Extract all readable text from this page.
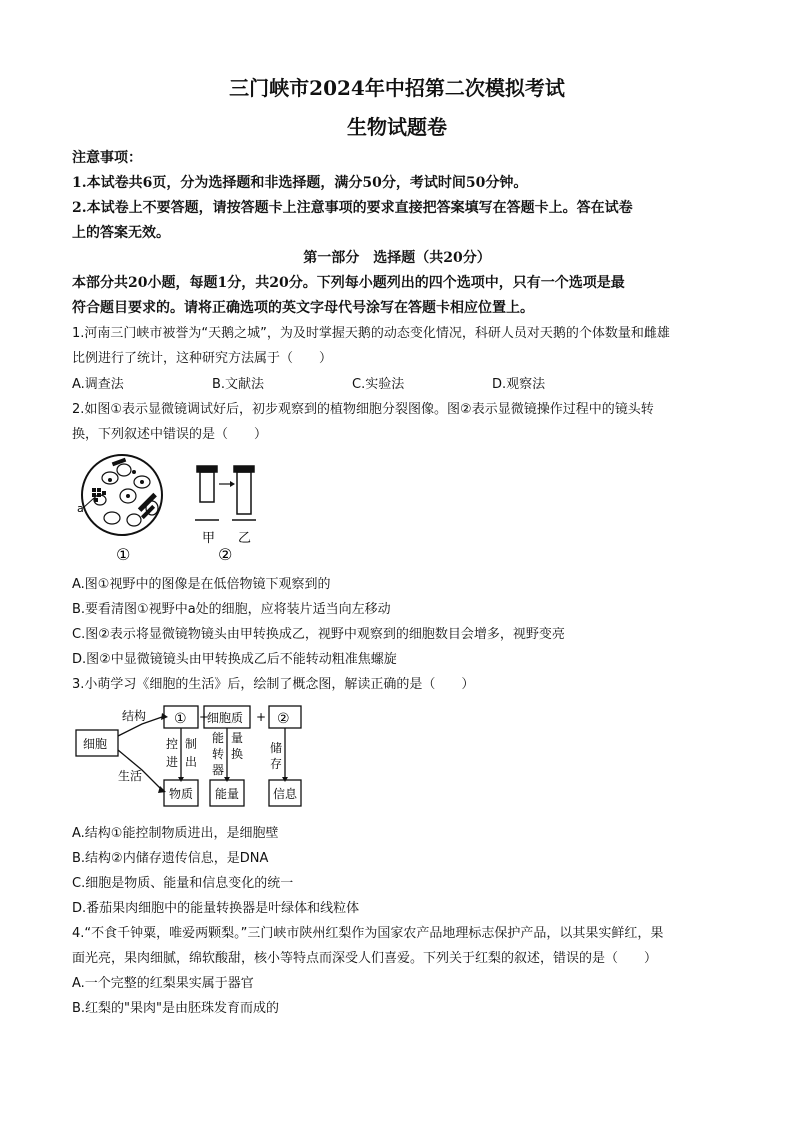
三门峡市2024年中招第二次模拟考试
生物试题卷
注意事项：
1.本试卷共6页，分为选择题和非选择题，满分50分，考试时间50分钟。
2.本试卷上不要答题，请按答题卡上注意事项的要求直接把答案填写在答题卡上。答在试卷
上的答案无效。
第一部分　选择题（共20分）
本部分共20小题，每题1分，共20分。下列每小题列出的四个选项中，只有一个选项是最
符合题目要求的。请将正确选项的英文字母代号涂写在答题卡相应位置上。
1.河南三门峡市被誉为“天鹅之城”，为及时掌握天鹅的动态变化情况，科研人员对天鹅的个体数量和雌雄
比例进行了统计，这种研究方法属于（　　）
A.调查法	B.文献法	C.实验法	D.观察法
2.如图①表示显微镜调试好后，初步观察到的植物细胞分裂图像。图②表示显微镜操作过程中的镜头转
换，下列叙述中错误的是（　　）
a
①
甲 乙
②
A.图①视野中的图像是在低倍物镜下观察到的
B.要看清图①视野中a处的细胞，应将装片适当向左移动
C.图②表示将显微镜物镜头由甲转换成乙，视野中观察到的细胞数目会增多，视野变亮
D.图②中显微镜镜头由甲转换成乙后不能转动粗准焦螺旋
3.小萌学习《细胞的生活》后，绘制了概念图，解读正确的是（　　）
细胞
结构
生活
① +
细胞质 + ②
控
进
制
出
能
转
器
量
换 储
存
物质 能量	信息
A.结构①能控制物质进出，是细胞壁
B.结构②内储存遗传信息，是DNA
C.细胞是物质、能量和信息变化的统一
D.番茄果肉细胞中的能量转换器是叶绿体和线粒体
4.“不食千钟粟，唯爱两颗梨。”三门峡市陕州红梨作为国家农产品地理标志保护产品，以其果实鲜红，果
面光亮，果肉细腻，绵软酸甜，核小等特点而深受人们喜爱。下列关于红梨的叙述，错误的是（　　）
A.一个完整的红梨果实属于器官
B.红梨的"果肉"是由胚珠发育而成的
